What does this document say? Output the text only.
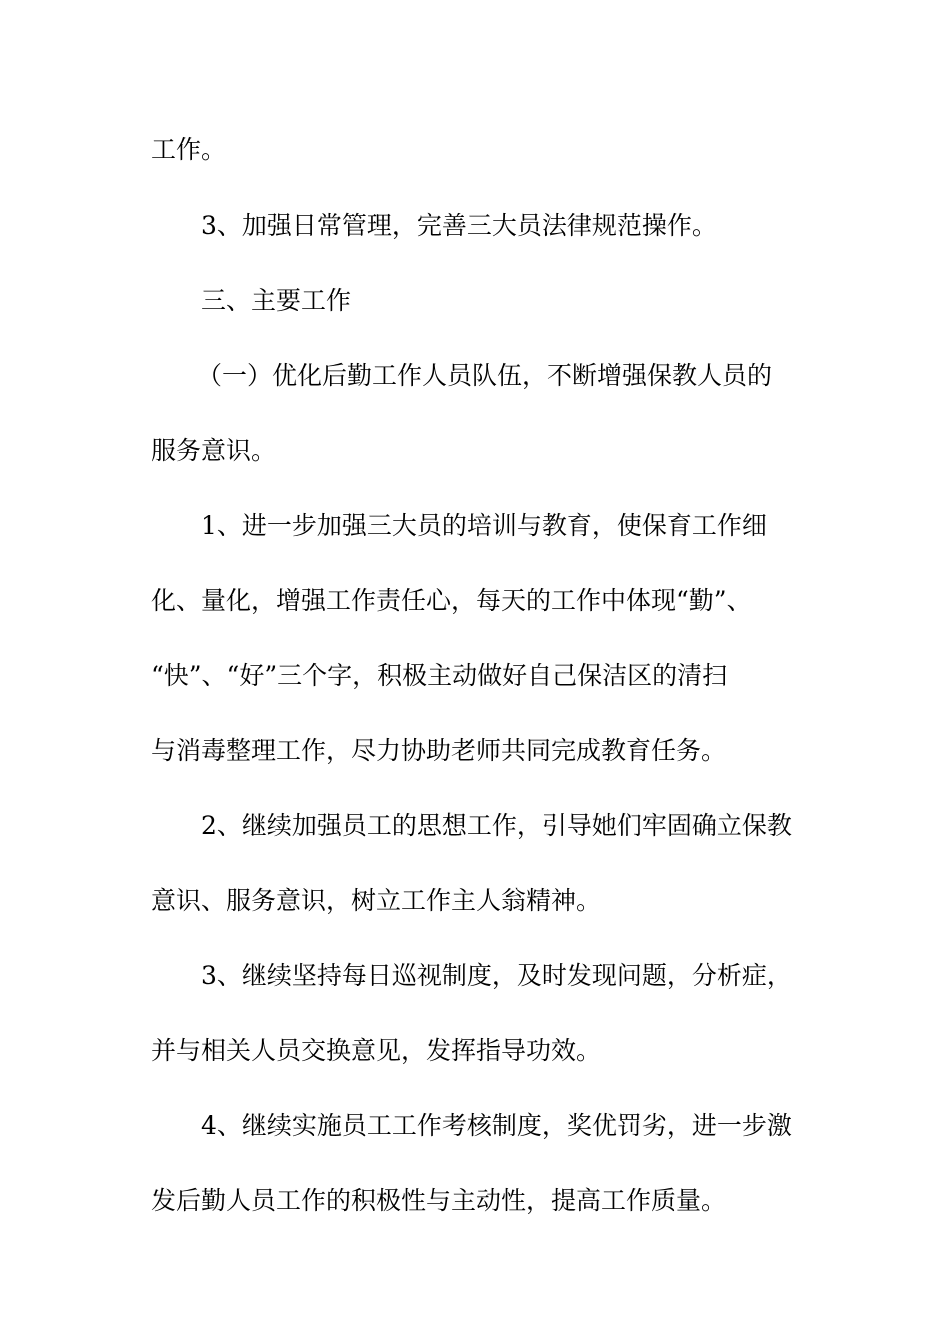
工作。
3、加强日常管理，完善三大员法律规范操作。
三、主要工作
（一）优化后勤工作人员队伍，不断增强保教人员的
服务意识。
1、进一步加强三大员的培训与教育，使保育工作细
化、量化，增强工作责任心，每天的工作中体现“勤”、
“快”、“好”三个字，积极主动做好自己保洁区的清扫
与消毒整理工作，尽力协助老师共同完成教育任务。
2、继续加强员工的思想工作，引导她们牢固确立保教
意识、服务意识，树立工作主人翁精神。
3、继续坚持每日巡视制度，及时发现问题，分析症，
并与相关人员交换意见，发挥指导功效。
4、继续实施员工工作考核制度，奖优罚劣，进一步激
发后勤人员工作的积极性与主动性，提高工作质量。
